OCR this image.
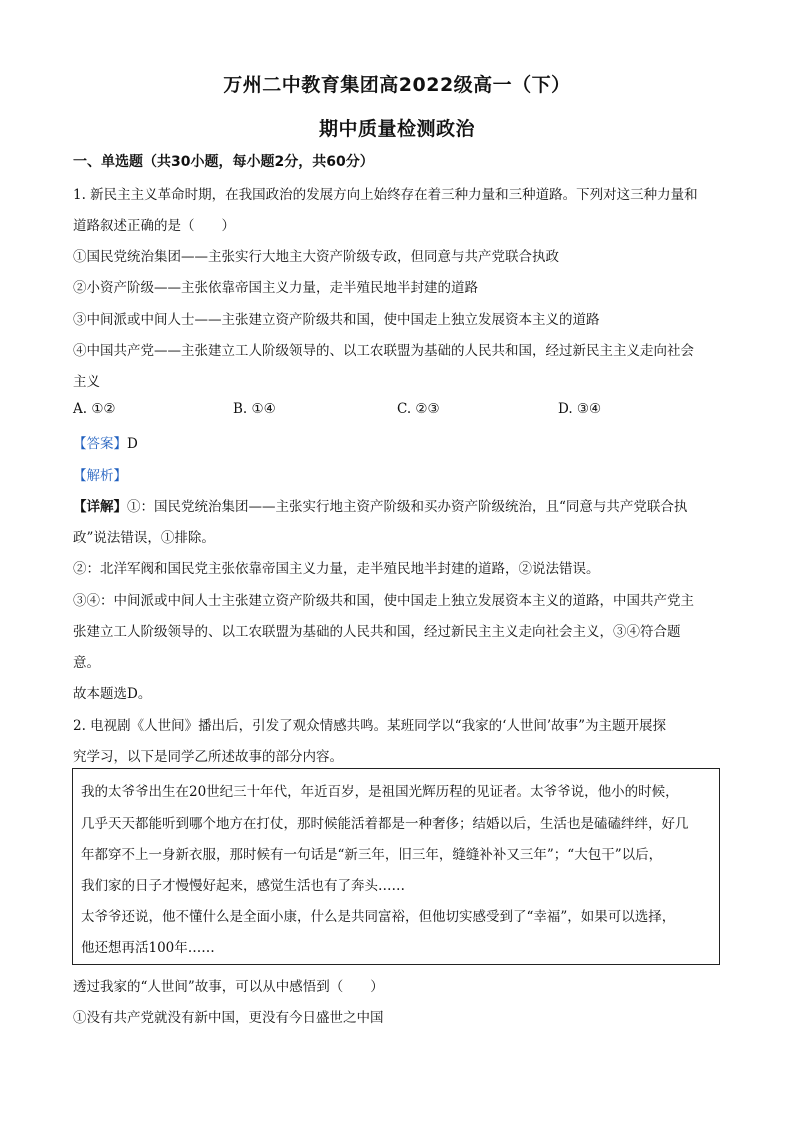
万州二中教育集团高2022级高一（下）
期中质量检测政治
一、单选题（共30小题，每小题2分，共60分）
1. 新民主主义革命时期，在我国政治的发展方向上始终存在着三种力量和三种道路。下列对这三种力量和
道路叙述正确的是（　　）
①国民党统治集团——主张实行大地主大资产阶级专政，但同意与共产党联合执政
②小资产阶级——主张依靠帝国主义力量，走半殖民地半封建的道路
③中间派或中间人士——主张建立资产阶级共和国，使中国走上独立发展资本主义的道路
④中国共产党——主张建立工人阶级领导的、以工农联盟为基础的人民共和国，经过新民主主义走向社会
主义
A. ①②	B. ①④	C. ②③	D. ③④
【答案】D
【解析】
【详解】①：国民党统治集团——主张实行地主资产阶级和买办资产阶级统治，且“同意与共产党联合执
政”说法错误，①排除。
②：北洋军阀和国民党主张依靠帝国主义力量，走半殖民地半封建的道路，②说法错误。
③④：中间派或中间人士主张建立资产阶级共和国，使中国走上独立发展资本主义的道路，中国共产党主
张建立工人阶级领导的、以工农联盟为基础的人民共和国，经过新民主主义走向社会主义，③④符合题
意。
故本题选D。
2. 电视剧《人世间》播出后，引发了观众情感共鸣。某班同学以“我家的‘人世间’故事”为主题开展探
究学习，以下是同学乙所述故事的部分内容。
我的太爷爷出生在20世纪三十年代，年近百岁，是祖国光辉历程的见证者。太爷爷说，他小的时候，
几乎天天都能听到哪个地方在打仗，那时候能活着都是一种奢侈；结婚以后，生活也是磕磕绊绊，好几
年都穿不上一身新衣服，那时候有一句话是“新三年，旧三年，缝缝补补又三年”；“大包干”以后，
我们家的日子才慢慢好起来，感觉生活也有了奔头……
太爷爷还说，他不懂什么是全面小康，什么是共同富裕，但他切实感受到了“幸福”，如果可以选择，
他还想再活100年……
透过我家的“人世间”故事，可以从中感悟到（　　）
①没有共产党就没有新中国，更没有今日盛世之中国
